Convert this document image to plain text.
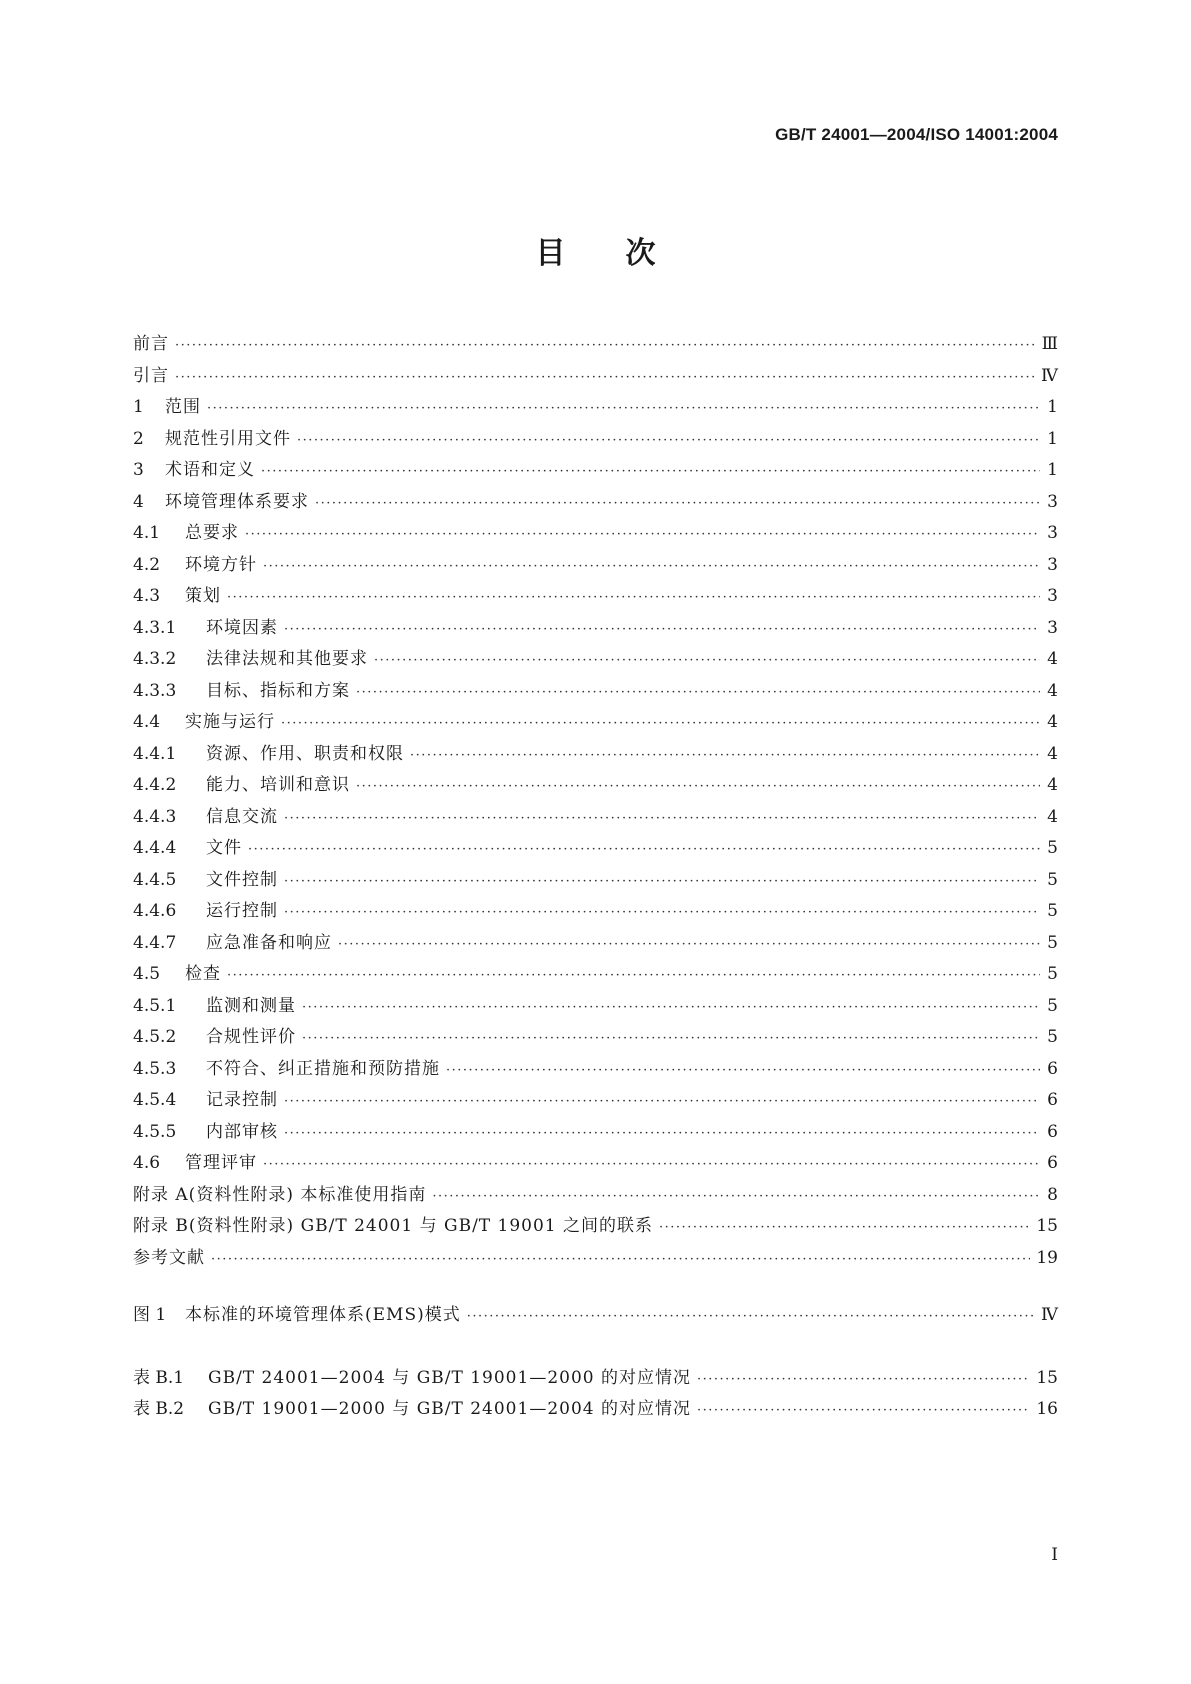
GB/T 24001—2004/ISO 14001:2004
目次
前言 ·····	Ⅲ
引言 ·····	Ⅳ
1	范围 ·····	1
2	规范性引用文件 ·····	1
3	术语和定义 ·····	1
4	环境管理体系要求 ·····	3
4.1	总要求 ·····	3
4.2	环境方针 ·····	3
4.3	策划 ·····	3
4.3.1	环境因素 ·····	3
4.3.2	法律法规和其他要求 ·····	4
4.3.3	目标、指标和方案 ·····	4
4.4	实施与运行 ·····	4
4.4.1	资源、作用、职责和权限 ·····	4
4.4.2	能力、培训和意识 ·····	4
4.4.3	信息交流 ·····	4
4.4.4	文件 ·····	5
4.4.5	文件控制 ·····	5
4.4.6	运行控制 ·····	5
4.4.7	应急准备和响应 ·····	5
4.5	检查 ·····	5
4.5.1	监测和测量 ·····	5
4.5.2	合规性评价 ·····	5
4.5.3	不符合、纠正措施和预防措施 ·····	6
4.5.4	记录控制 ·····	6
4.5.5	内部审核 ·····	6
4.6	管理评审 ·····	6
附录 A(资料性附录) 本标准使用指南 ·····	8
附录 B(资料性附录) GB/T 24001 与 GB/T 19001 之间的联系 ·····	15
参考文献 ·····	19
图 1	本标准的环境管理体系(EMS)模式 ·····	Ⅳ
表 B.1	GB/T 24001—2004 与 GB/T 19001—2000 的对应情况 ·····	15
表 B.2	GB/T 19001—2000 与 GB/T 24001—2004 的对应情况 ·····	16
I
